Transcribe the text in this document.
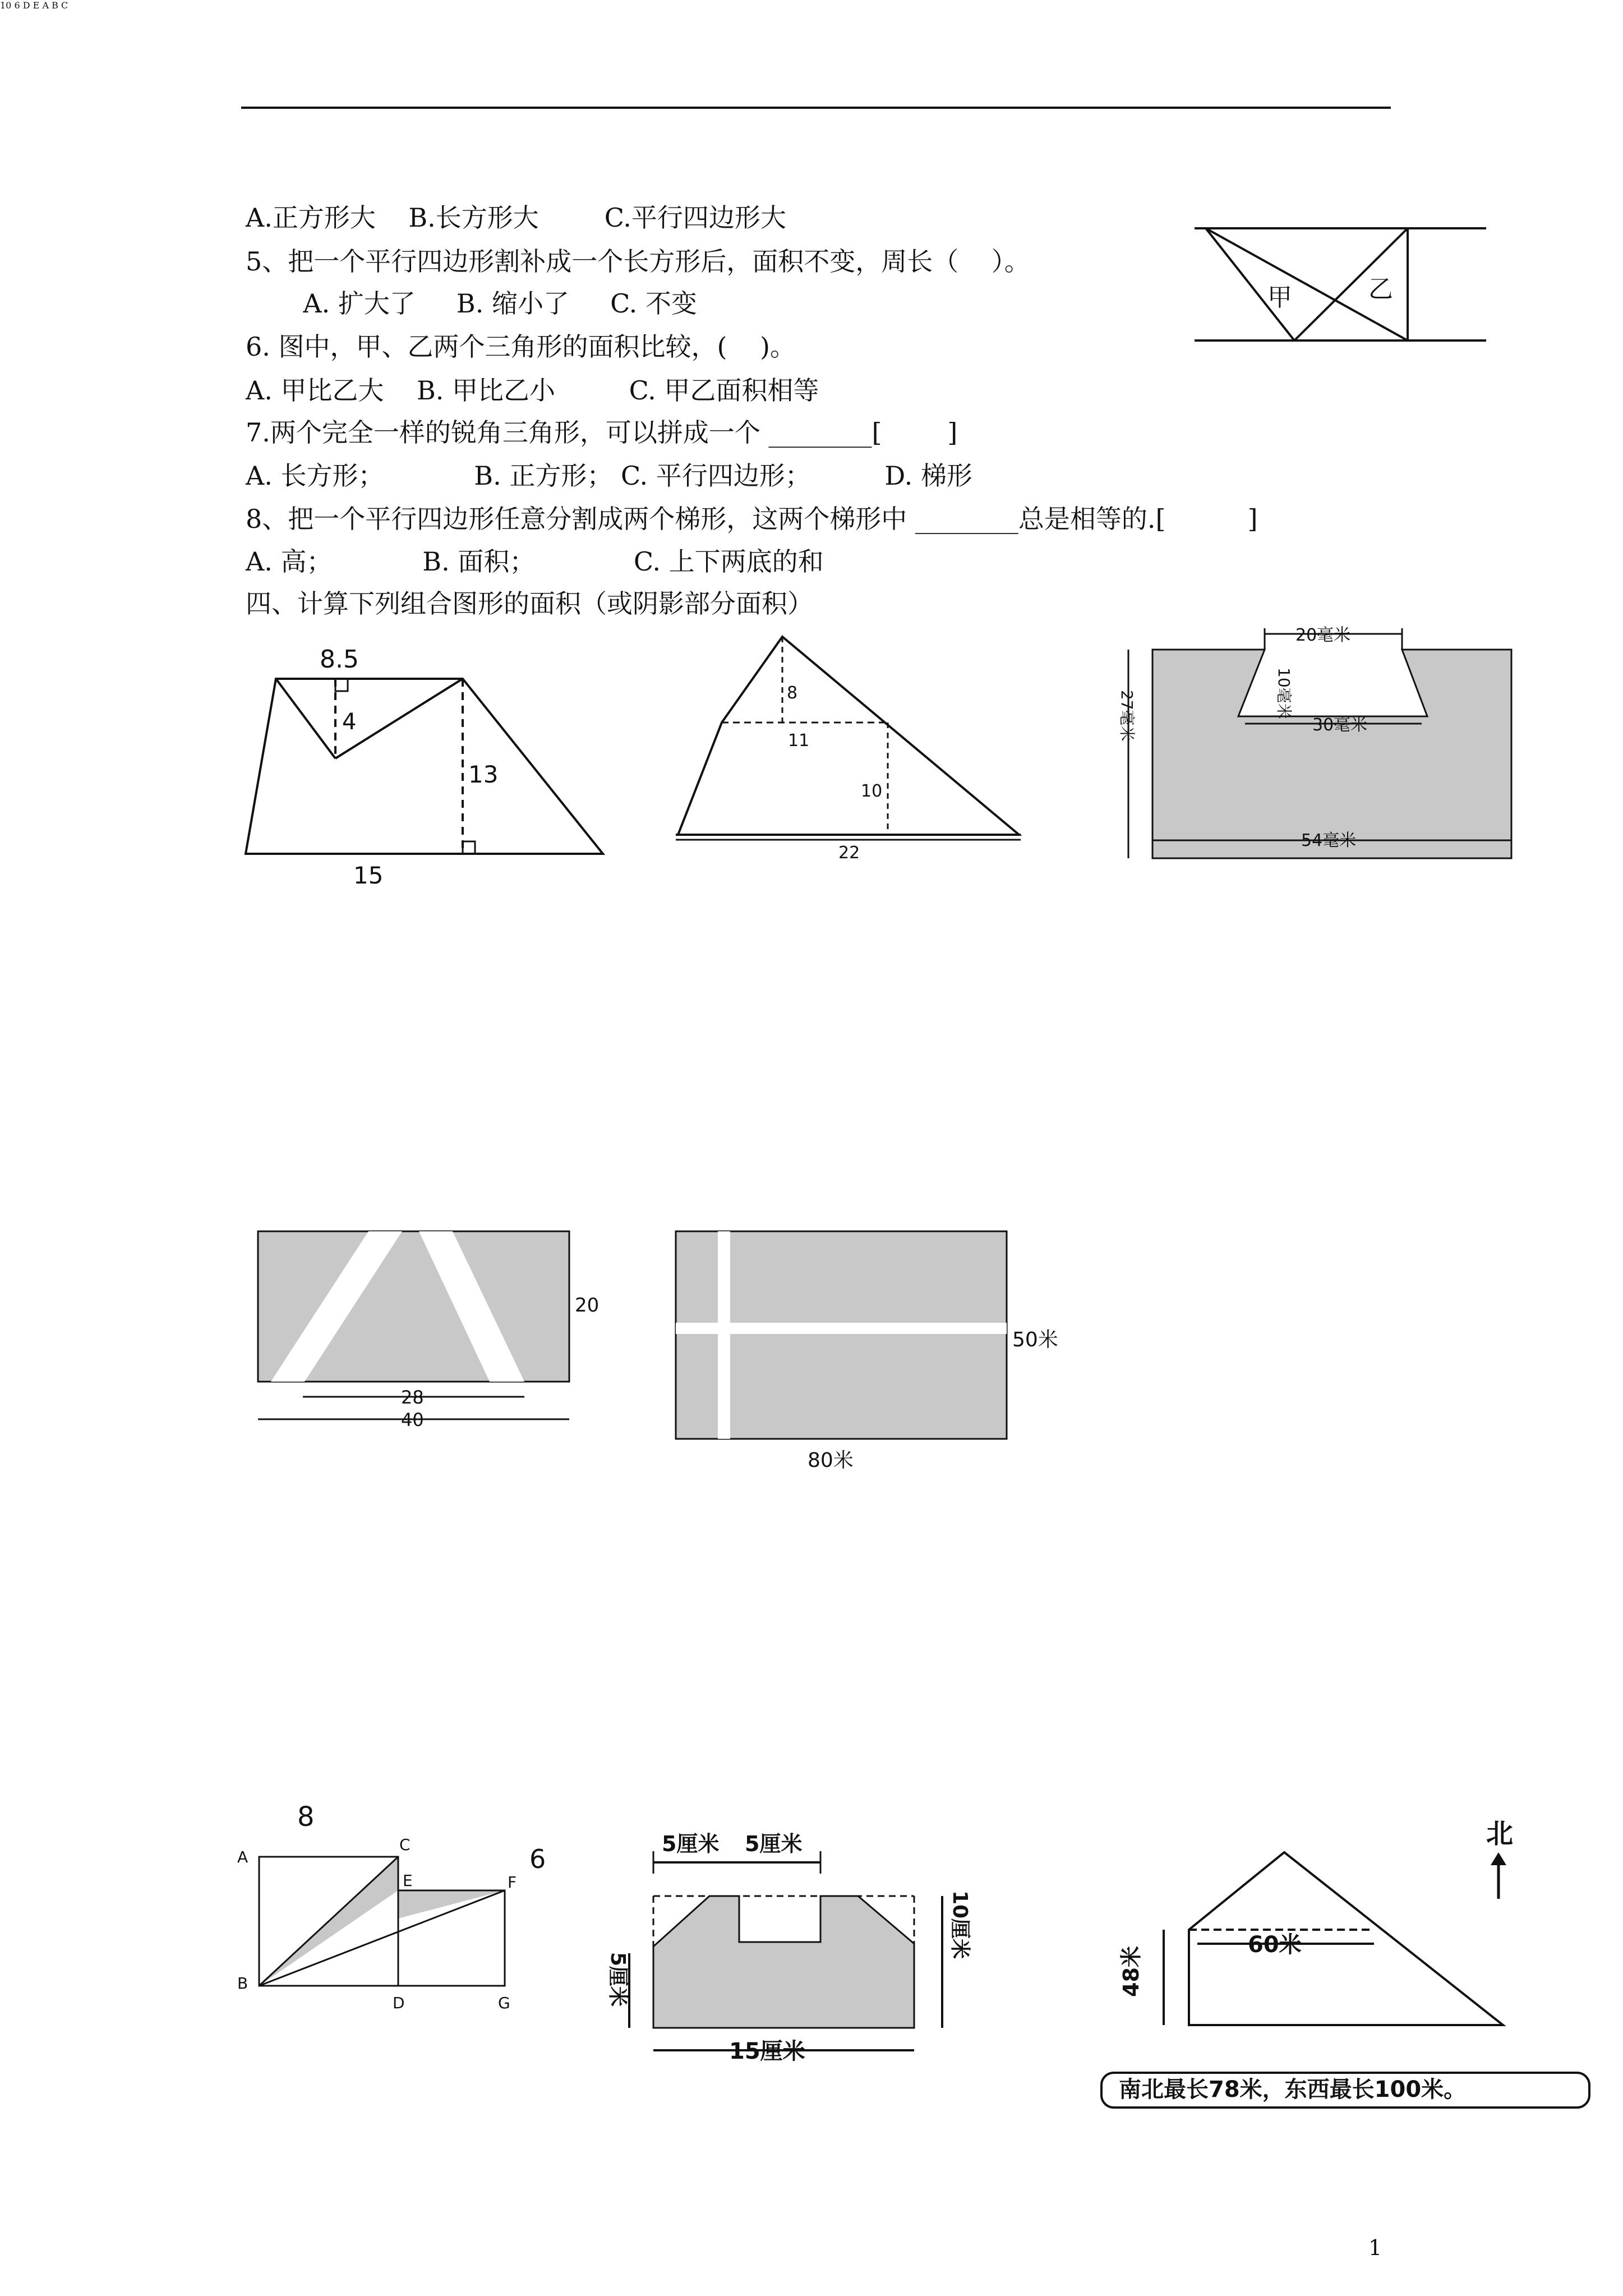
A.正方形大    B.长方形大        C.平行四边形大
5、把一个平行四边形割补成一个长方形后，面积不变，周长（    ）。
A. 扩大了     B. 缩小了     C. 不变
6. 图中，甲、乙两个三角形的面积比较，(    )。
A. 甲比乙大    B. 甲比乙小         C. 甲乙面积相等
7.两个完全一样的锐角三角形，可以拼成一个 ________[        ]
A. 长方形；           B. 正方形； C. 平行四边形；         D. 梯形
8、把一个平行四边形任意分割成两个梯形，这两个梯形中 ________总是相等的.[          ]
A. 高；           B. 面积；            C. 上下两底的和
四、计算下列组合图形的面积（或阴影部分面积）
甲	乙
8.5
4
13
15
8
11
10
22
20毫米
10毫米
30毫米
27毫米
54毫米
28
40
20
50米
80米
10 6 D E A B C
8
A
C
E	F
B
D	G
6	5厘米 5厘米
5厘米
10厘米
15厘米
60米
48米
北
南北最长78米，东西最长100米。
1
